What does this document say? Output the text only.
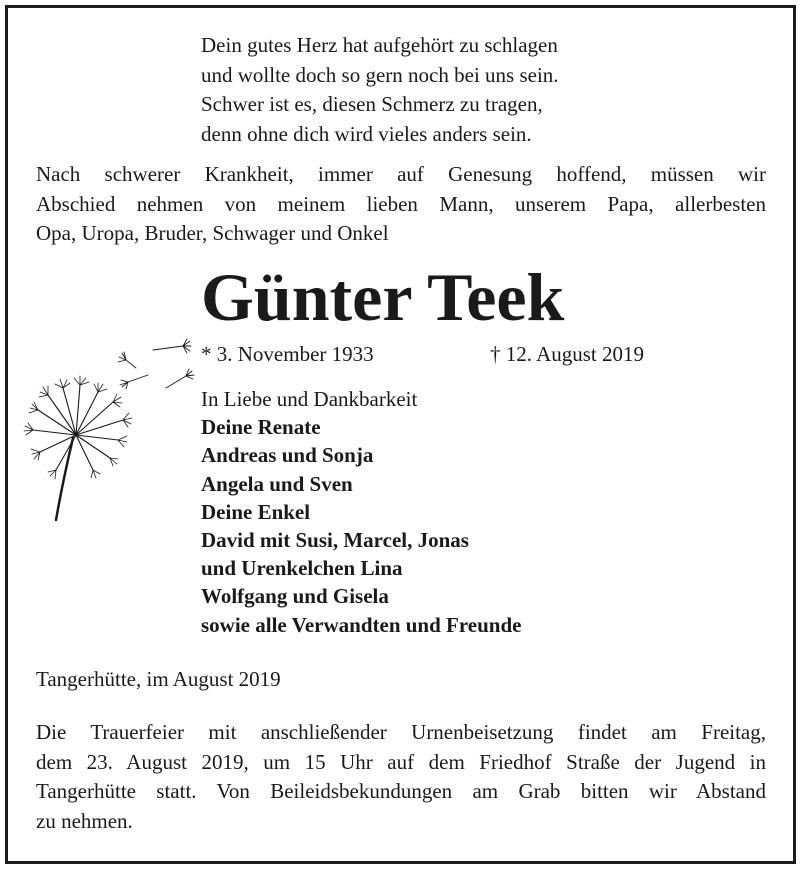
Dein gutes Herz hat aufgehört zu schlagen
und wollte doch so gern noch bei uns sein.
Schwer ist es, diesen Schmerz zu tragen,
denn ohne dich wird vieles anders sein.
Nach schwerer Krankheit, immer auf Genesung hoffend, müssen wir
Abschied nehmen von meinem lieben Mann, unserem Papa, allerbesten
Opa, Uropa, Bruder, Schwager und Onkel
Günter Teek
* 3. November 1933	† 12. August 2019
In Liebe und Dankbarkeit
Deine Renate
Andreas und Sonja
Angela und Sven
Deine Enkel
David mit Susi, Marcel, Jonas
und Urenkelchen Lina
Wolfgang und Gisela
sowie alle Verwandten und Freunde
Tangerhütte, im August 2019
Die Trauerfeier mit anschließender Urnenbeisetzung findet am Freitag,
dem 23. August 2019, um 15 Uhr auf dem Friedhof Straße der Jugend in
Tangerhütte statt. Von Beileidsbekundungen am Grab bitten wir Abstand
zu nehmen.
